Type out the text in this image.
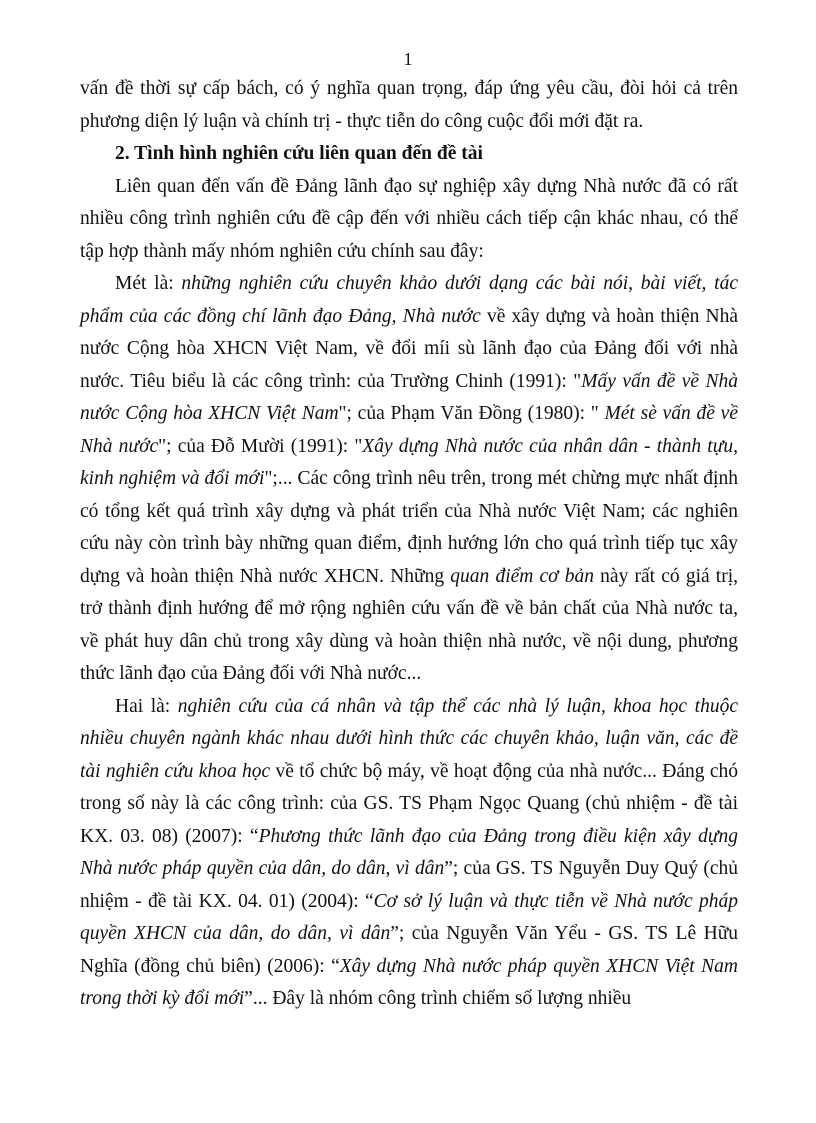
1

vấn đề thời sự cấp bách, có ý nghĩa quan trọng, đáp ứng yêu cầu, đòi hỏi cả trên phương diện lý luận và chính trị - thực tiễn do công cuộc đổi mới đặt ra.

2. Tình hình nghiên cứu liên quan đến đề tài

Liên quan đến vấn đề Đảng lãnh đạo sự nghiệp xây dựng Nhà nước đã có rất nhiều công trình nghiên cứu đề cập đến với nhiều cách tiếp cận khác nhau, có thể tập hợp thành mấy nhóm nghiên cứu chính sau đây:

Mét là: những nghiên cứu chuyên khảo dưới dạng các bài nói, bài viết, tác phẩm của các đồng chí lãnh đạo Đảng, Nhà nước về xây dựng và hoàn thiện Nhà nước Cộng hòa XHCN Việt Nam, về đổi míi sù lãnh đạo của Đảng đối với nhà nước. Tiêu biểu là các công trình: của Trường Chinh (1991): "Mấy vấn đề về Nhà nước Cộng hòa XHCN Việt Nam"; của Phạm Văn Đồng (1980): " Mét sè vấn đề về Nhà nước"; của Đỗ Mười (1991): "Xây dựng Nhà nước của nhân dân - thành tựu, kinh nghiệm và đổi mới";... Các công trình nêu trên, trong mét chừng mực nhất định có tổng kết quá trình xây dựng và phát triển của Nhà nước Việt Nam; các nghiên cứu này còn trình bày những quan điểm, định hướng lớn cho quá trình tiếp tục xây dựng và hoàn thiện Nhà nước XHCN. Những quan điểm cơ bản này rất có giá trị, trở thành định hướng để mở rộng nghiên cứu vấn đề về bản chất của Nhà nước ta, về phát huy dân chủ trong xây dùng và hoàn thiện nhà nước, về nội dung, phương thức lãnh đạo của Đảng đối với Nhà nước...

Hai là: nghiên cứu của cá nhân và tập thể các nhà lý luận, khoa học thuộc nhiều chuyên ngành khác nhau dưới hình thức các chuyên khảo, luận văn, các đề tài nghiên cứu khoa học về tổ chức bộ máy, về hoạt động của nhà nước... Đáng chó trong số này là các công trình: của GS. TS Phạm Ngọc Quang (chủ nhiệm - đề tài KX. 03. 08) (2007): “Phương thức lãnh đạo của Đảng trong điều kiện xây dựng Nhà nước pháp quyền của dân, do dân, vì dân”; của GS. TS Nguyễn Duy Quý (chủ nhiệm - đề tài KX. 04. 01) (2004): “Cơ sở lý luận và thực tiễn về Nhà nước pháp quyền XHCN của dân, do dân, vì dân”; của Nguyễn Văn Yểu - GS. TS Lê Hữu Nghĩa (đồng chủ biên) (2006): “Xây dựng Nhà nước pháp quyền XHCN Việt Nam trong thời kỳ đổi mới”... Đây là nhóm công trình chiếm số lượng nhiều
